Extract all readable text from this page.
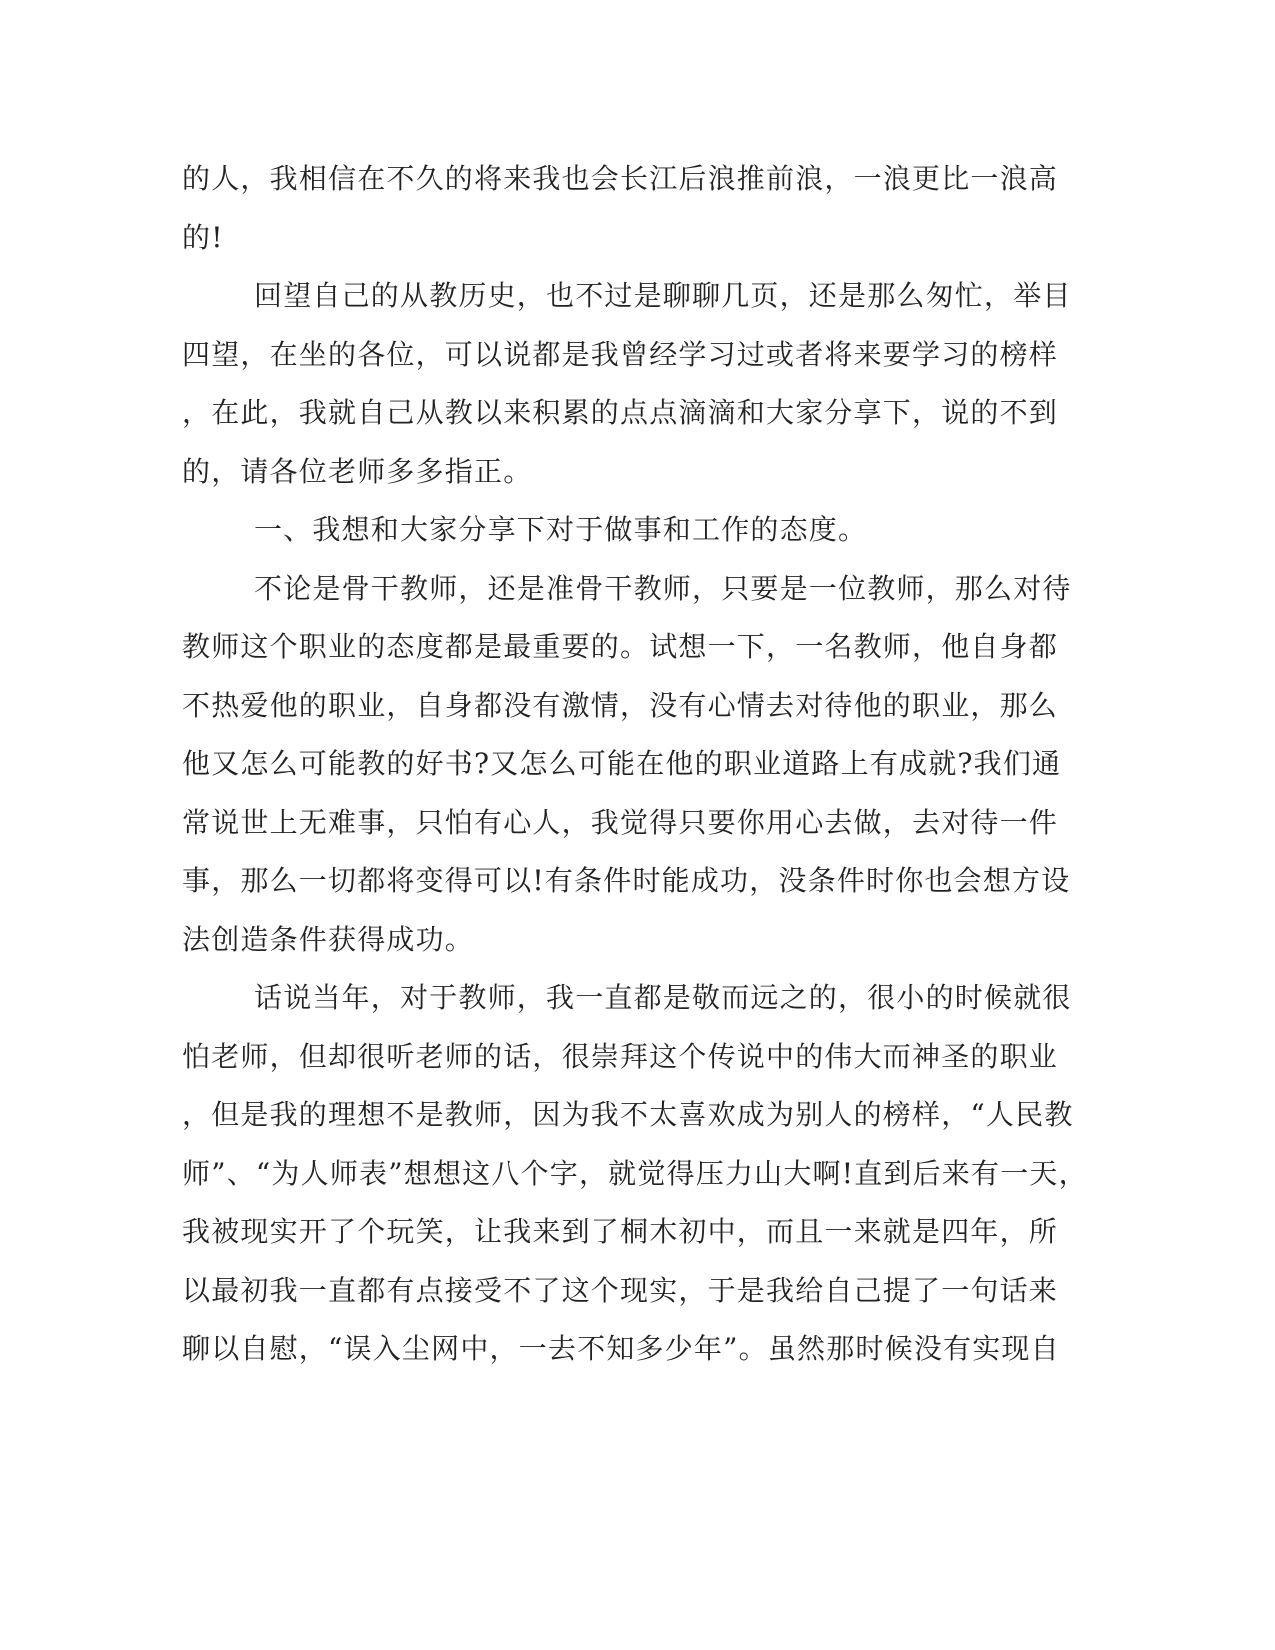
的人，我相信在不久的将来我也会长江后浪推前浪，一浪更比一浪高
的!
回望自己的从教历史，也不过是聊聊几页，还是那么匆忙，举目
四望，在坐的各位，可以说都是我曾经学习过或者将来要学习的榜样
，在此，我就自己从教以来积累的点点滴滴和大家分享下，说的不到
的，请各位老师多多指正。
一、我想和大家分享下对于做事和工作的态度。
不论是骨干教师，还是准骨干教师，只要是一位教师，那么对待
教师这个职业的态度都是最重要的。试想一下，一名教师，他自身都
不热爱他的职业，自身都没有激情，没有心情去对待他的职业，那么
他又怎么可能教的好书?又怎么可能在他的职业道路上有成就?我们通
常说世上无难事，只怕有心人，我觉得只要你用心去做，去对待一件
事，那么一切都将变得可以!有条件时能成功，没条件时你也会想方设
法创造条件获得成功。
话说当年，对于教师，我一直都是敬而远之的，很小的时候就很
怕老师，但却很听老师的话，很崇拜这个传说中的伟大而神圣的职业
，但是我的理想不是教师，因为我不太喜欢成为别人的榜样，“人民教
师”、“为人师表”想想这八个字，就觉得压力山大啊!直到后来有一天，
我被现实开了个玩笑，让我来到了桐木初中，而且一来就是四年，所
以最初我一直都有点接受不了这个现实，于是我给自己提了一句话来
聊以自慰，“误入尘网中，一去不知多少年”。虽然那时候没有实现自
